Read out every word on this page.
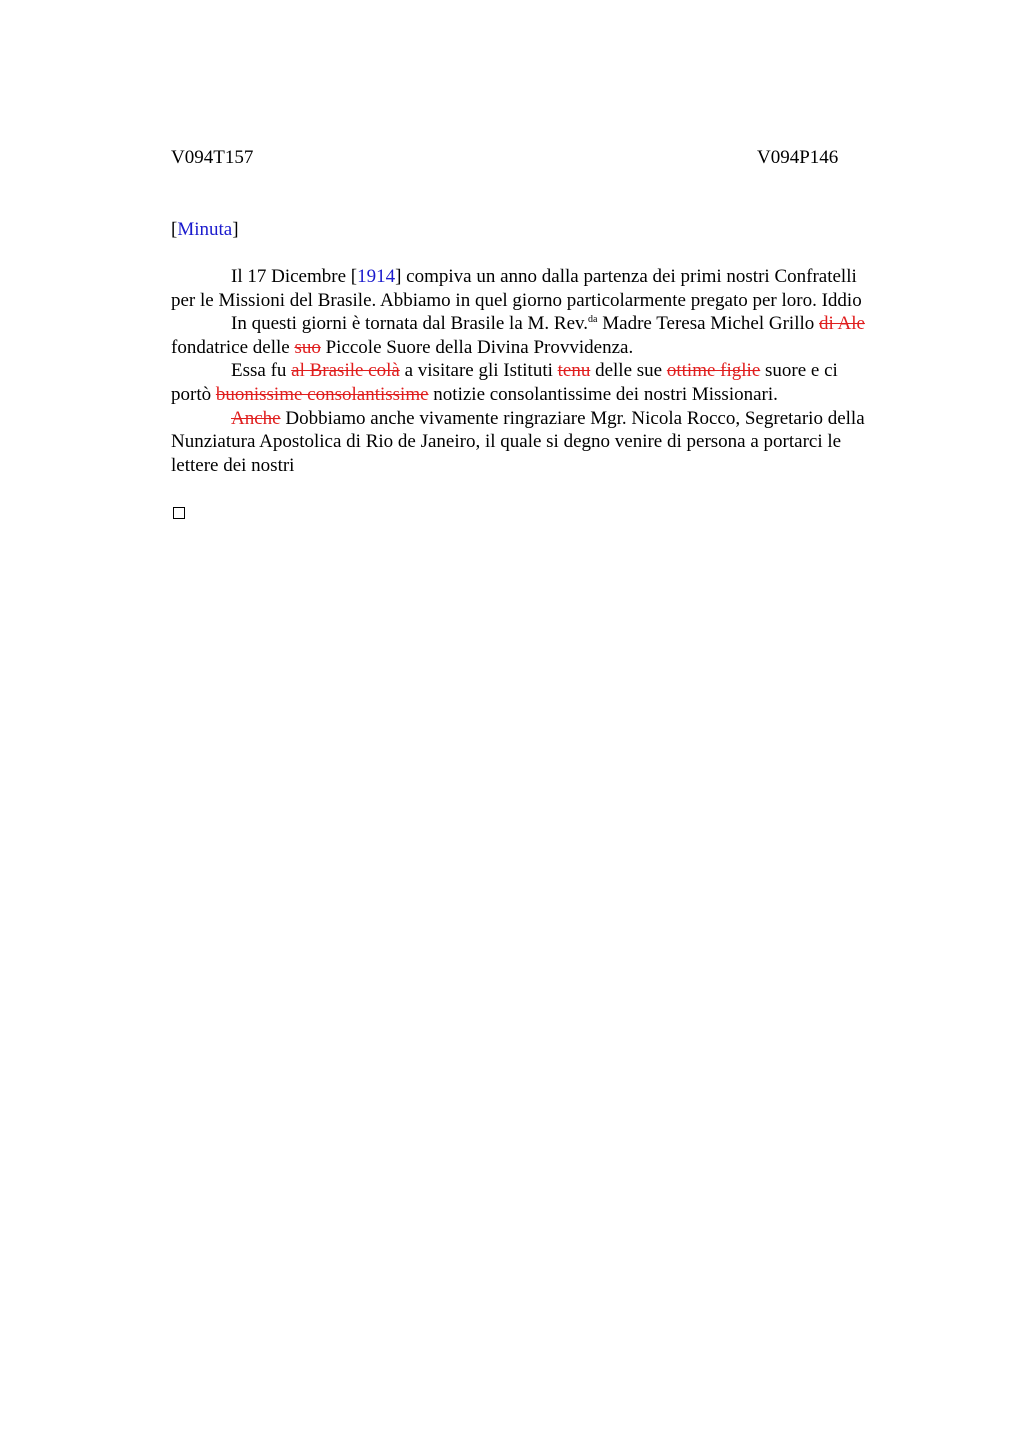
V094T157	V094P146
[Minuta]

Il 17 Dicembre [1914] compiva un anno dalla partenza dei primi nostri Confratelli
per le Missioni del Brasile. Abbiamo in quel giorno particolarmente pregato per loro. Iddio

In questi giorni è tornata dal Brasile la M. Rev.$^{da}$ Madre Teresa Michel Grillo di Ale
fondatrice delle suo Piccole Suore della Divina Provvidenza.

Essa fu al Brasile colà a visitare gli Istituti tenu delle sue ottime figlie suore e ci
portò buonissime consolantissime notizie consolantissime dei nostri Missionari.

Anche Dobbiamo anche vivamente ringraziare Mgr. Nicola Rocco, Segretario della
Nunziatura Apostolica di Rio de Janeiro, il quale si degno venire di persona a portarci le
lettere dei nostri
